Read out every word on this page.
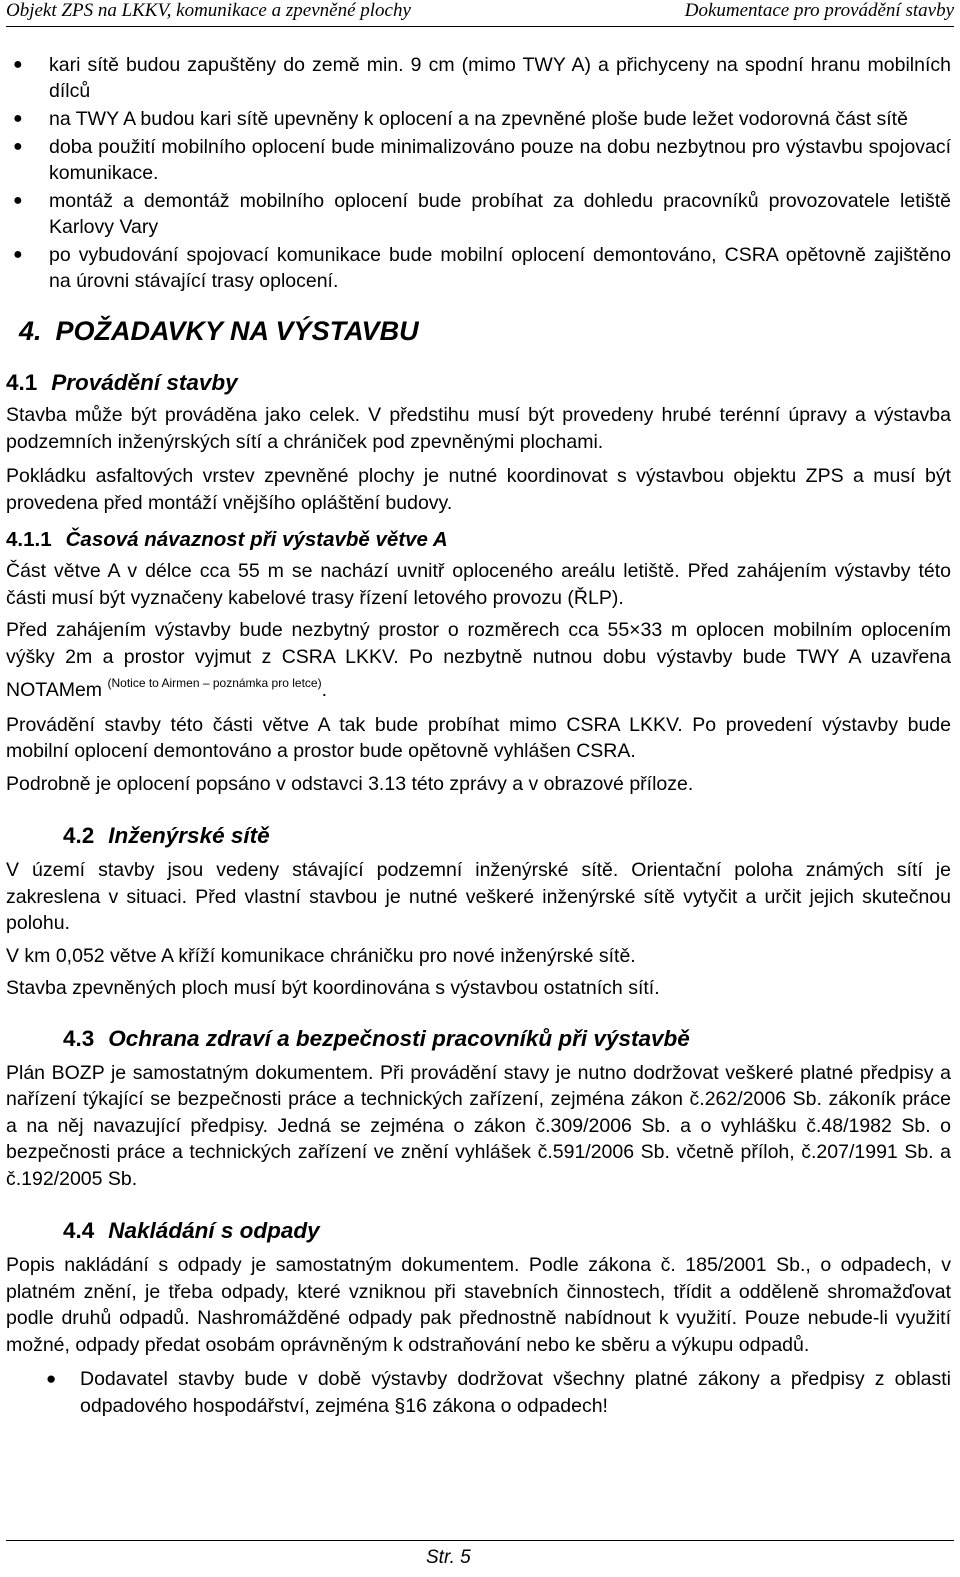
Objekt ZPS na LKKV, komunikace a zpevněné plochy	Dokumentace pro provádění stavby
● kari sítě budou zapuštěny do země min. 9 cm (mimo TWY A) a přichyceny na spodní hranu mobilních dílců
● na TWY A budou kari sítě upevněny k oplocení a na zpevněné ploše bude ležet vodorovná část sítě
● doba použití mobilního oplocení bude minimalizováno pouze na dobu nezbytnou pro výstavbu spojovací komunikace.
● montáž a demontáž mobilního oplocení bude probíhat za dohledu pracovníků provozovatele letiště Karlovy Vary
● po vybudování spojovací komunikace bude mobilní oplocení demontováno, CSRA opětovně zajištěno na úrovni stávající trasy oplocení.
4. POŽADAVKY NA VÝSTAVBU
4.1 Provádění stavby

Stavba může být prováděna jako celek. V předstihu musí být provedeny hrubé terénní úpravy a výstavba podzemních inženýrských sítí a chrániček pod zpevněnými plochami.

Pokládku asfaltových vrstev zpevněné plochy je nutné koordinovat s výstavbou objektu ZPS a musí být provedena před montáží vnějšího opláštění budovy.

4.1.1 Časová návaznost při výstavbě větve A

Část větve A v délce cca 55 m se nachází uvnitř oploceného areálu letiště. Před zahájením výstavby této části musí být vyznačeny kabelové trasy řízení letového provozu (ŘLP).

Před zahájením výstavby bude nezbytný prostor o rozměrech cca 55×33 m oplocen mobilním oplocením výšky 2m a prostor vyjmut z CSRA LKKV. Po nezbytně nutnou dobu výstavby bude TWY A uzavřena NOTAMem $^{(Notice to Airmen - poznámka pro letce)}$.

Provádění stavby této části větve A tak bude probíhat mimo CSRA LKKV. Po provedení výstavby bude mobilní oplocení demontováno a prostor bude opětovně vyhlášen CSRA.

Podrobně je oplocení popsáno v odstavci 3.13 této zprávy a v obrazové příloze.

4.2 Inženýrské sítě

V území stavby jsou vedeny stávající podzemní inženýrské sítě. Orientační poloha známých sítí je zakreslena v situaci. Před vlastní stavbou je nutné veškeré inženýrské sítě vytyčit a určit jejich skutečnou polohu.

V km 0,052 větve A kříží komunikace chráničku pro nové inženýrské sítě.

Stavba zpevněných ploch musí být koordinována s výstavbou ostatních sítí.

4.3 Ochrana zdraví a bezpečnosti pracovníků při výstavbě

Plán BOZP je samostatným dokumentem. Při provádění stavy je nutno dodržovat veškeré platné předpisy a nařízení týkající se bezpečnosti práce a technických zařízení, zejména zákon č.262/2006 Sb. zákoník práce a na něj navazující předpisy. Jedná se zejména o zákon č.309/2006 Sb. a o vyhlášku č.48/1982 Sb. o bezpečnosti práce a technických zařízení ve znění vyhlášek č.591/2006 Sb. včetně příloh, č.207/1991 Sb. a č.192/2005 Sb.

4.4 Nakládání s odpady

Popis nakládání s odpady je samostatným dokumentem. Podle zákona č. 185/2001 Sb., o odpadech, v platném znění, je třeba odpady, které vzniknou při stavebních činnostech, třídit a odděleně shromažďovat podle druhů odpadů. Nashromážděné odpady pak přednostně nabídnout k využití. Pouze nebude-li využití možné, odpady předat osobám oprávněným k odstraňování nebo ke sběru a výkupu odpadů.

● Dodavatel stavby bude v době výstavby dodržovat všechny platné zákony a předpisy z oblasti odpadového hospodářství, zejména §16 zákona o odpadech!
Str. 5
